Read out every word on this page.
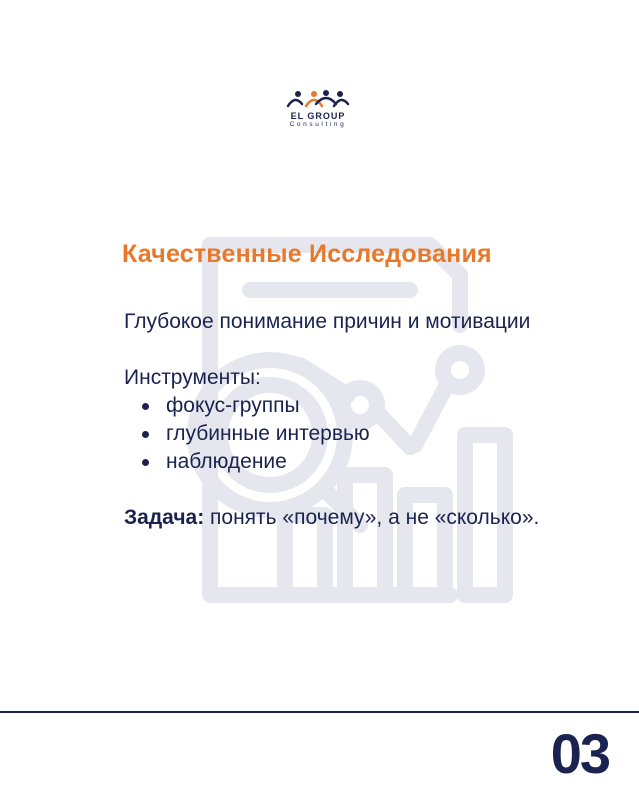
EL GROUP
Consulting
Качественные Исследования

Глубокое понимание причин и мотивации

Инструменты:

фокус-группы
глубинные интервью
наблюдение

Задача: понять «почему», а не «сколько».

03
